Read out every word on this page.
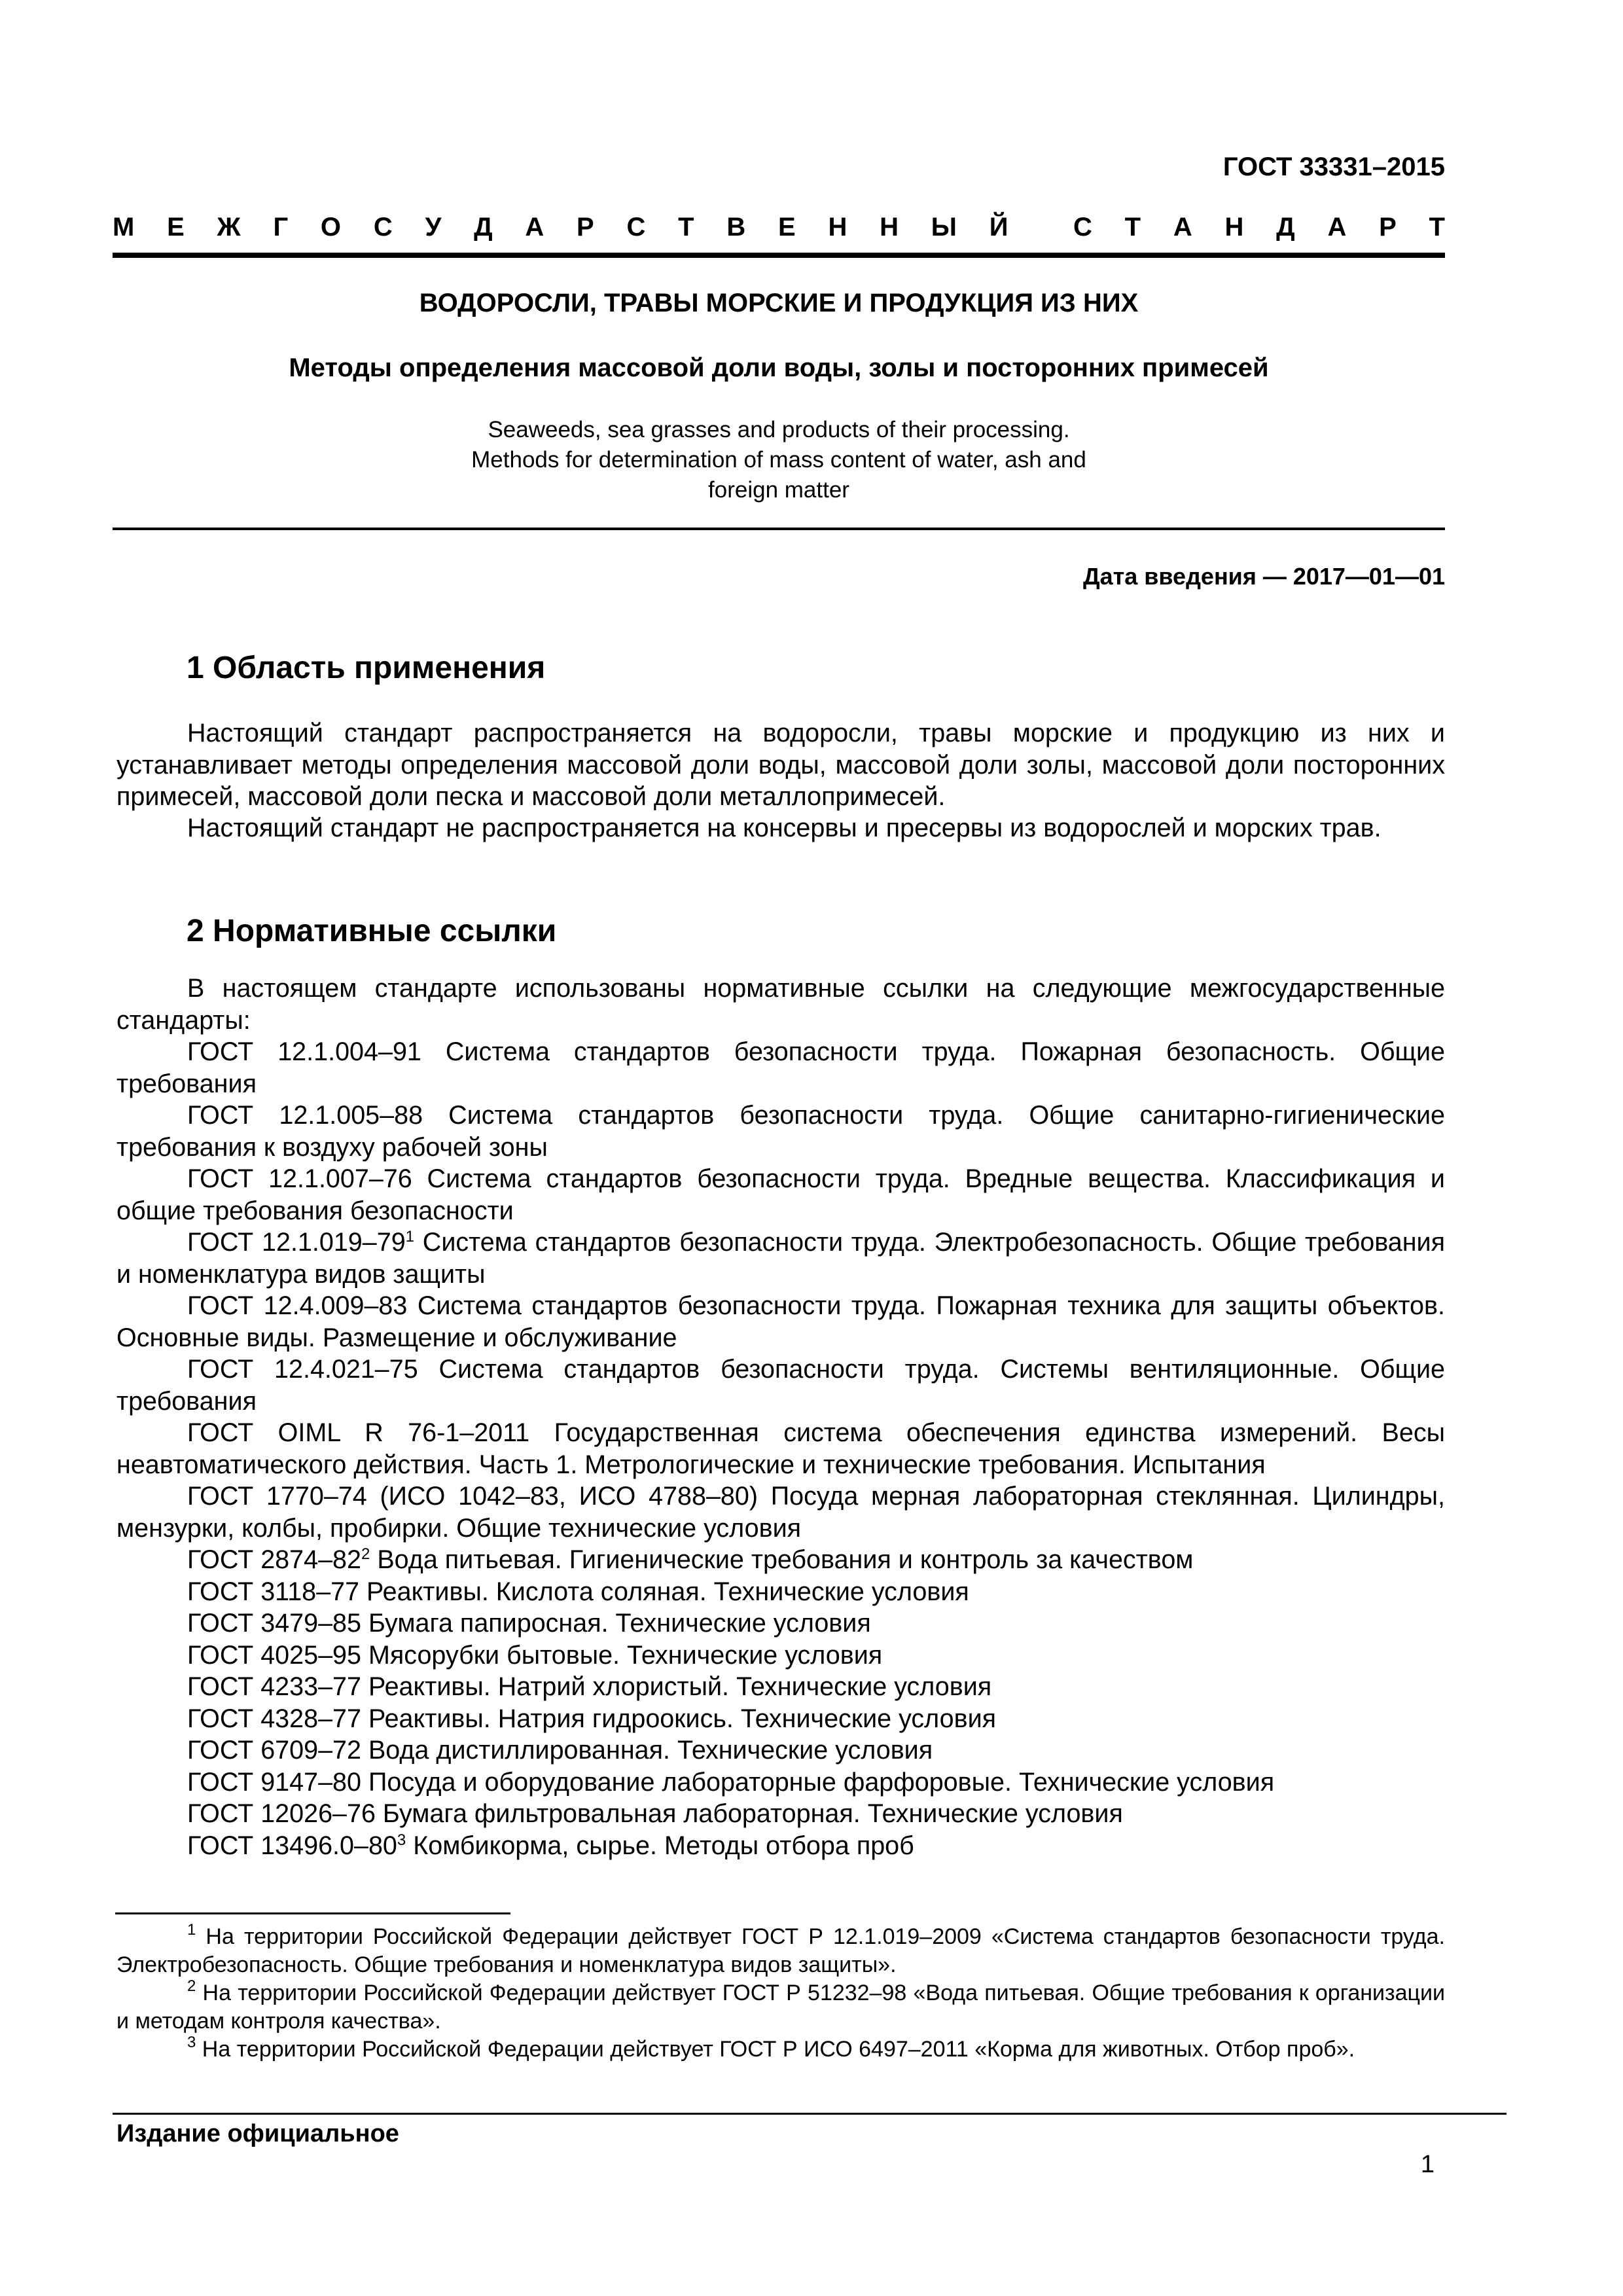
ГОСТ 33331–2015
М Е Ж Г О С У Д А Р С Т В Е Н Н Ы Й С Т А Н Д А Р Т
ВОДОРОСЛИ, ТРАВЫ МОРСКИЕ И ПРОДУКЦИЯ ИЗ НИХ
Методы определения массовой доли воды, золы и посторонних примесей
Seaweeds, sea grasses and products of their processing.
Methods for determination of mass content of water, ash and
foreign matter
Дата введения — 2017—01—01
1 Область применения
Настоящий стандарт распространяется на водоросли, травы морские и продукцию из них и устанавливает методы определения массовой доли воды, массовой доли золы, массовой доли посторонних примесей, массовой доли песка и массовой доли металлопримесей.
Настоящий стандарт не распространяется на консервы и пресервы из водорослей и морских трав.
2 Нормативные ссылки
В настоящем стандарте использованы нормативные ссылки на следующие межгосударственные стандарты:
ГОСТ 12.1.004–91 Система стандартов безопасности труда. Пожарная безопасность. Общие требования
ГОСТ 12.1.005–88 Система стандартов безопасности труда. Общие санитарно-гигиенические требования к воздуху рабочей зоны
ГОСТ 12.1.007–76 Система стандартов безопасности труда. Вредные вещества. Классификация и общие требования безопасности
ГОСТ $12.1.019-79^1$ Система стандартов безопасности труда. Электробезопасность. Общие требования и номенклатура видов защиты
ГОСТ 12.4.009–83 Система стандартов безопасности труда. Пожарная техника для защиты объектов. Основные виды. Размещение и обслуживание
ГОСТ 12.4.021–75 Система стандартов безопасности труда. Системы вентиляционные. Общие требования
ГОСТ OIML R 76-1–2011 Государственная система обеспечения единства измерений. Весы неавтоматического действия. Часть 1. Метрологические и технические требования. Испытания
ГОСТ 1770–74 (ИСО 1042–83, ИСО 4788–80) Посуда мерная лабораторная стеклянная. Цилиндры, мензурки, колбы, пробирки. Общие технические условия
ГОСТ $2874-82^2$ Вода питьевая. Гигиенические требования и контроль за качеством
ГОСТ 3118–77 Реактивы. Кислота соляная. Технические условия
ГОСТ 3479–85 Бумага папиросная. Технические условия
ГОСТ 4025–95 Мясорубки бытовые. Технические условия
ГОСТ 4233–77 Реактивы. Натрий хлористый. Технические условия
ГОСТ 4328–77 Реактивы. Натрия гидроокись. Технические условия
ГОСТ 6709–72 Вода дистиллированная. Технические условия
ГОСТ 9147–80 Посуда и оборудование лабораторные фарфоровые. Технические условия
ГОСТ 12026–76 Бумага фильтровальная лабораторная. Технические условия
ГОСТ $13496.0-80^3$ Комбикорма, сырье. Методы отбора проб
$^1$ На территории Российской Федерации действует ГОСТ Р 12.1.019–2009 «Система стандартов безопасности труда. Электробезопасность. Общие требования и номенклатура видов защиты».
$^2$ На территории Российской Федерации действует ГОСТ Р 51232–98 «Вода питьевая. Общие требования к организации и методам контроля качества».
$^3$ На территории Российской Федерации действует ГОСТ Р ИСО 6497–2011 «Корма для животных. Отбор проб».
Издание официальное
1
